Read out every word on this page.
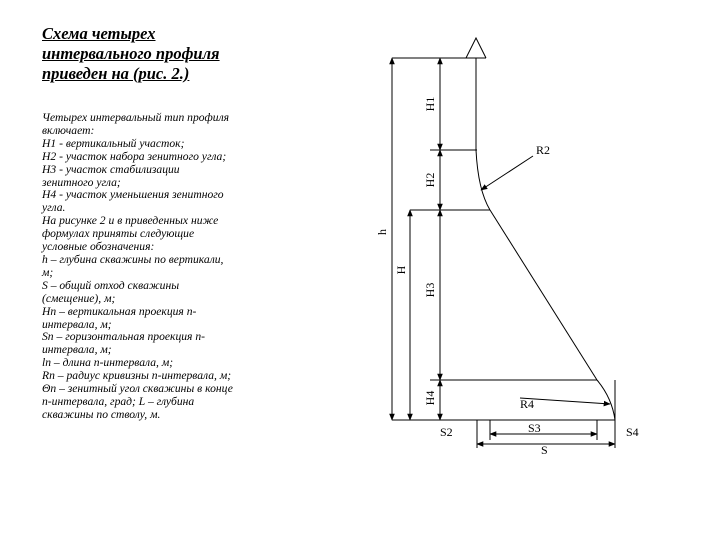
Схема четырех
интервального профиля
приведен на (рис. 2.)
Четырех интервальный тип профиля
включает:
Н1 - вертикальный участок;
Н2 - участок набора зенитного угла;
Н3 - участок стабилизации
зенитного угла;
Н4 - участок уменьшения зенитного
угла.
На рисунке 2 и в приведенных ниже
формулах приняты следующие
условные обозначения:
h – глубина скважины по вертикали,
м;
S – общий отход скважины
(смещение), м;
Нn – вертикальная проекция n-
интервала, м;
Sn – горизонтальная проекция n-
интервала, м;
ln – длина n-интервала, м;
Rn – радиус кривизны n-интервала, м;
Θn – зенитный угол скважины в конце
n-интервала, град; L – глубина
скважины по стволу, м.
h
H
H1
H2
H3
H4
R2
R4
S2	S3	S4
S
